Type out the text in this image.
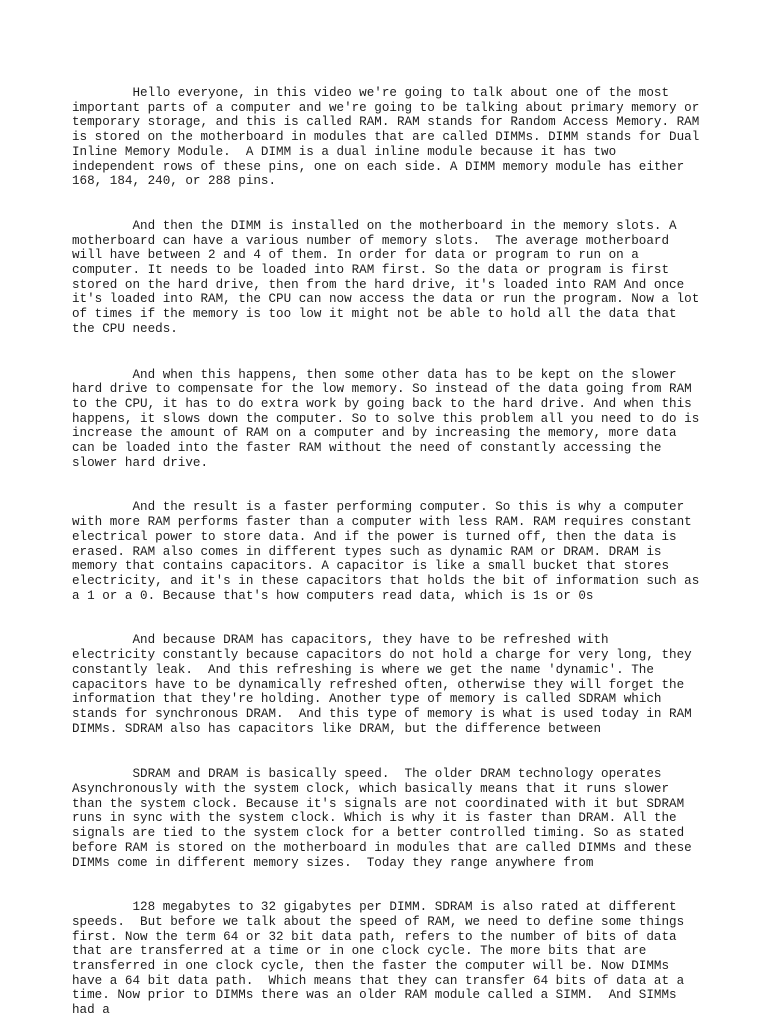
Hello everyone, in this video we're going to talk about one of the most
important parts of a computer and we're going to be talking about primary memory or
temporary storage, and this is called RAM. RAM stands for Random Access Memory. RAM
is stored on the motherboard in modules that are called DIMMs. DIMM stands for Dual
Inline Memory Module.  A DIMM is a dual inline module because it has two
independent rows of these pins, one on each side. A DIMM memory module has either
168, 184, 240, or 288 pins.
And then the DIMM is installed on the motherboard in the memory slots. A
motherboard can have a various number of memory slots.  The average motherboard
will have between 2 and 4 of them. In order for data or program to run on a
computer. It needs to be loaded into RAM first. So the data or program is first
stored on the hard drive, then from the hard drive, it's loaded into RAM And once
it's loaded into RAM, the CPU can now access the data or run the program. Now a lot
of times if the memory is too low it might not be able to hold all the data that
the CPU needs.
And when this happens, then some other data has to be kept on the slower
hard drive to compensate for the low memory. So instead of the data going from RAM
to the CPU, it has to do extra work by going back to the hard drive. And when this
happens, it slows down the computer. So to solve this problem all you need to do is
increase the amount of RAM on a computer and by increasing the memory, more data
can be loaded into the faster RAM without the need of constantly accessing the
slower hard drive.
And the result is a faster performing computer. So this is why a computer
with more RAM performs faster than a computer with less RAM. RAM requires constant
electrical power to store data. And if the power is turned off, then the data is
erased. RAM also comes in different types such as dynamic RAM or DRAM. DRAM is
memory that contains capacitors. A capacitor is like a small bucket that stores
electricity, and it's in these capacitors that holds the bit of information such as
a 1 or a 0. Because that's how computers read data, which is 1s or 0s
And because DRAM has capacitors, they have to be refreshed with
electricity constantly because capacitors do not hold a charge for very long, they
constantly leak.  And this refreshing is where we get the name 'dynamic'. The
capacitors have to be dynamically refreshed often, otherwise they will forget the
information that they're holding. Another type of memory is called SDRAM which
stands for synchronous DRAM.  And this type of memory is what is used today in RAM
DIMMs. SDRAM also has capacitors like DRAM, but the difference between
SDRAM and DRAM is basically speed.  The older DRAM technology operates
Asynchronously with the system clock, which basically means that it runs slower
than the system clock. Because it's signals are not coordinated with it but SDRAM
runs in sync with the system clock. Which is why it is faster than DRAM. All the
signals are tied to the system clock for a better controlled timing. So as stated
before RAM is stored on the motherboard in modules that are called DIMMs and these
DIMMs come in different memory sizes.  Today they range anywhere from
128 megabytes to 32 gigabytes per DIMM. SDRAM is also rated at different
speeds.  But before we talk about the speed of RAM, we need to define some things
first. Now the term 64 or 32 bit data path, refers to the number of bits of data
that are transferred at a time or in one clock cycle. The more bits that are
transferred in one clock cycle, then the faster the computer will be. Now DIMMs
have a 64 bit data path.  Which means that they can transfer 64 bits of data at a
time. Now prior to DIMMs there was an older RAM module called a SIMM.  And SIMMs
had a
